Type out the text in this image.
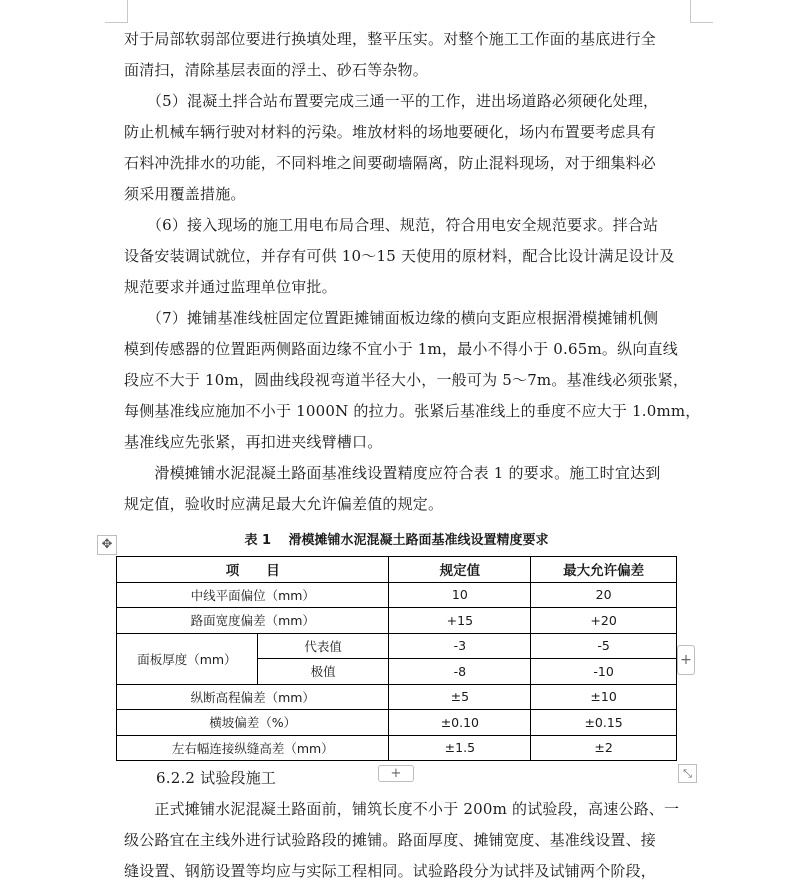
对于局部软弱部位要进行换填处理，整平压实。对整个施工工作面的基底进行全
面清扫，清除基层表面的浮土、砂石等杂物。
　　（5）混凝土拌合站布置要完成三通一平的工作，进出场道路必须硬化处理，
防止机械车辆行驶对材料的污染。堆放材料的场地要硬化，场内布置要考虑具有
石料冲洗排水的功能，不同料堆之间要砌墙隔离，防止混料现场，对于细集料必
须采用覆盖措施。
　　（6）接入现场的施工用电布局合理、规范，符合用电安全规范要求。拌合站
设备安装调试就位，并存有可供 10～15 天使用的原材料，配合比设计满足设计及
规范要求并通过监理单位审批。
　　（7）摊铺基准线桩固定位置距摊铺面板边缘的横向支距应根据滑模摊铺机侧
模到传感器的位置距两侧路面边缘不宜小于 1m，最小不得小于 0.65m。纵向直线
段应不大于 10m，圆曲线段视弯道半径大小，一般可为 5～7m。基准线必须张紧，
每侧基准线应施加不小于 1000N 的拉力。张紧后基准线上的垂度不应大于 1.0mm，
基准线应先张紧，再扣进夹线臂槽口。
　　滑模摊铺水泥混凝土路面基准线设置精度应符合表 1 的要求。施工时宜达到
规定值，验收时应满足最大允许偏差值的规定。
✥	表 1　 滑模摊铺水泥混凝土路面基准线设置精度要求
项　　目		规定值	最大允许偏差
中线平面偏位（mm）		10	20
路面宽度偏差（mm）		+15	+20
面板厚度（mm）	代表值	-3	-5
	极值	-8	-10
纵断高程偏差（mm）		±5	±10
横坡偏差（%）		±0.10	±0.15
左右幅连接纵缝高差（mm）		±1.5	±2
+
+	⤡
6.2.2 试验段施工
　　正式摊铺水泥混凝土路面前，铺筑长度不小于 200m 的试验段，高速公路、一
级公路宜在主线外进行试验路段的摊铺。路面厚度、摊铺宽度、基准线设置、接
缝设置、钢筋设置等均应与实际工程相同。试验路段分为试拌及试铺两个阶段，
